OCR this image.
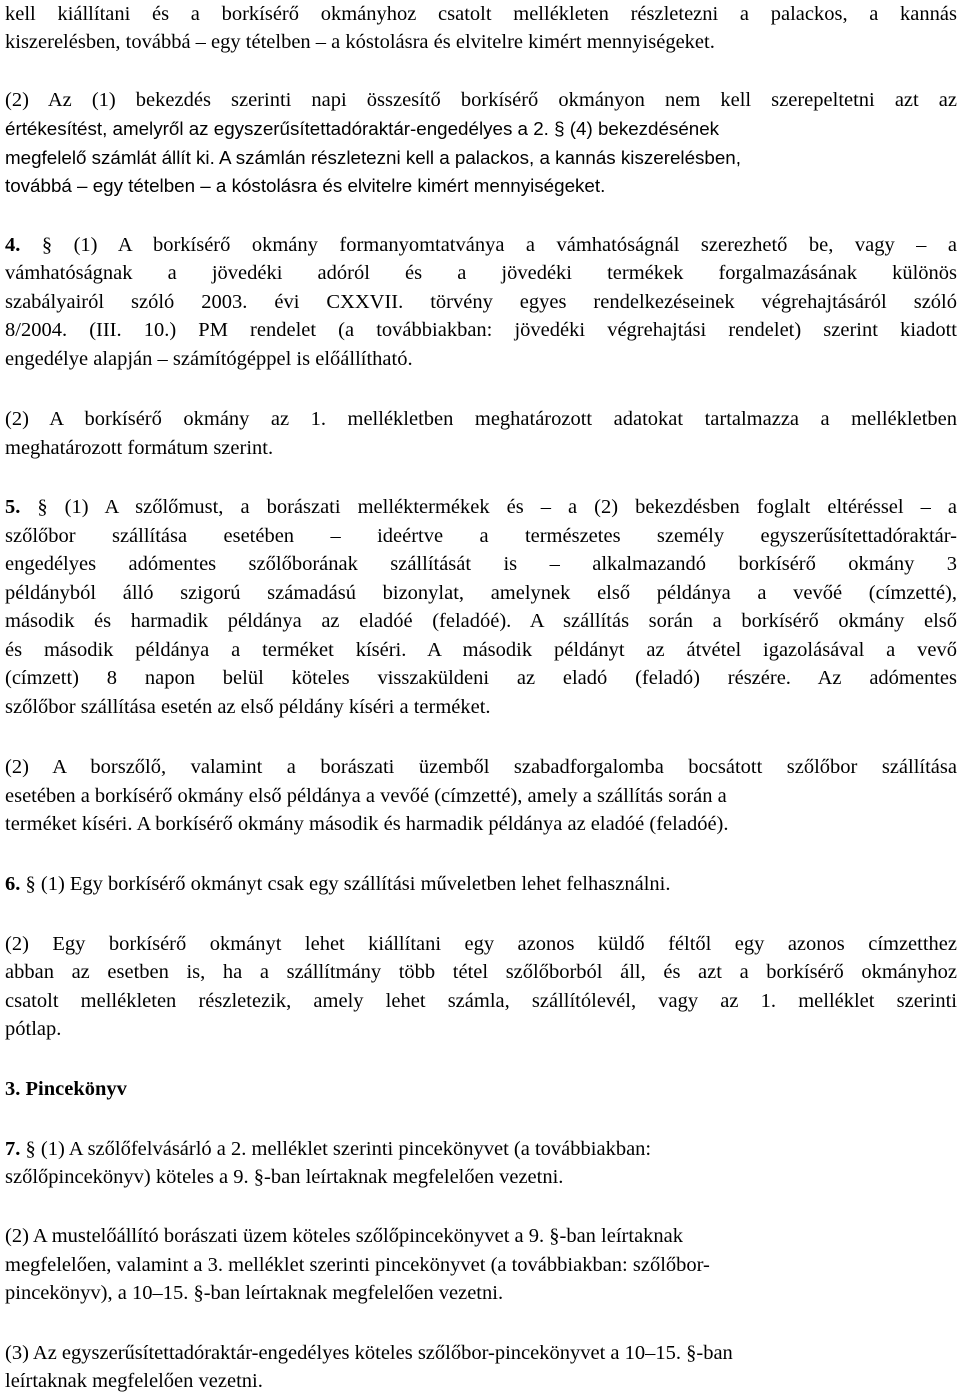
kell kiállítani és a borkísérő okmányhoz csatolt mellékleten részletezni a palackos, a kannás
kiszerelésben, továbbá – egy tételben – a kóstolásra és elvitelre kimért mennyiségeket.
(2) Az (1) bekezdés szerinti napi összesítő borkísérő okmányon nem kell szerepeltetni azt az
értékesítést, amelyről az egyszerűsítettadóraktár-engedélyes a 2. § (4) bekezdésének
megfelelő számlát állít ki. A számlán részletezni kell a palackos, a kannás kiszerelésben,
továbbá – egy tételben – a kóstolásra és elvitelre kimért mennyiségeket.
4. § (1) A borkísérő okmány formanyomtatványa a vámhatóságnál szerezhető be, vagy – a
vámhatóságnak a jövedéki adóról és a jövedéki termékek forgalmazásának különös
szabályairól szóló 2003. évi CXXVII. törvény egyes rendelkezéseinek végrehajtásáról szóló
8/2004. (III. 10.) PM rendelet (a továbbiakban: jövedéki végrehajtási rendelet) szerint kiadott
engedélye alapján – számítógéppel is előállítható.
(2) A borkísérő okmány az 1. mellékletben meghatározott adatokat tartalmazza a mellékletben
meghatározott formátum szerint.
5. § (1) A szőlőmust, a borászati melléktermékek és – a (2) bekezdésben foglalt eltéréssel – a
szőlőbor szállítása esetében – ideértve a természetes személy egyszerűsítettadóraktár-
engedélyes adómentes szőlőborának szállítását is – alkalmazandó borkísérő okmány 3
példányból álló szigorú számadású bizonylat, amelynek első példánya a vevőé (címzetté),
második és harmadik példánya az eladóé (feladóé). A szállítás során a borkísérő okmány első
és második példánya a terméket kíséri. A második példányt az átvétel igazolásával a vevő
(címzett) 8 napon belül köteles visszaküldeni az eladó (feladó) részére. Az adómentes
szőlőbor szállítása esetén az első példány kíséri a terméket.
(2) A borszőlő, valamint a borászati üzemből szabadforgalomba bocsátott szőlőbor szállítása
esetében a borkísérő okmány első példánya a vevőé (címzetté), amely a szállítás során a
terméket kíséri. A borkísérő okmány második és harmadik példánya az eladóé (feladóé).
6. § (1) Egy borkísérő okmányt csak egy szállítási műveletben lehet felhasználni.
(2) Egy borkísérő okmányt lehet kiállítani egy azonos küldő féltől egy azonos címzetthez
abban az esetben is, ha a szállítmány több tétel szőlőborból áll, és azt a borkísérő okmányhoz
csatolt mellékleten részletezik, amely lehet számla, szállítólevél, vagy az 1. melléklet szerinti
pótlap.
3. Pincekönyv
7. § (1) A szőlőfelvásárló a 2. melléklet szerinti pincekönyvet (a továbbiakban:
szőlőpincekönyv) köteles a 9. §-ban leírtaknak megfelelően vezetni.
(2) A mustelőállító borászati üzem köteles szőlőpincekönyvet a 9. §-ban leírtaknak
megfelelően, valamint a 3. melléklet szerinti pincekönyvet (a továbbiakban: szőlőbor-
pincekönyv), a 10–15. §-ban leírtaknak megfelelően vezetni.
(3) Az egyszerűsítettadóraktár-engedélyes köteles szőlőbor-pincekönyvet a 10–15. §-ban
leírtaknak megfelelően vezetni.
